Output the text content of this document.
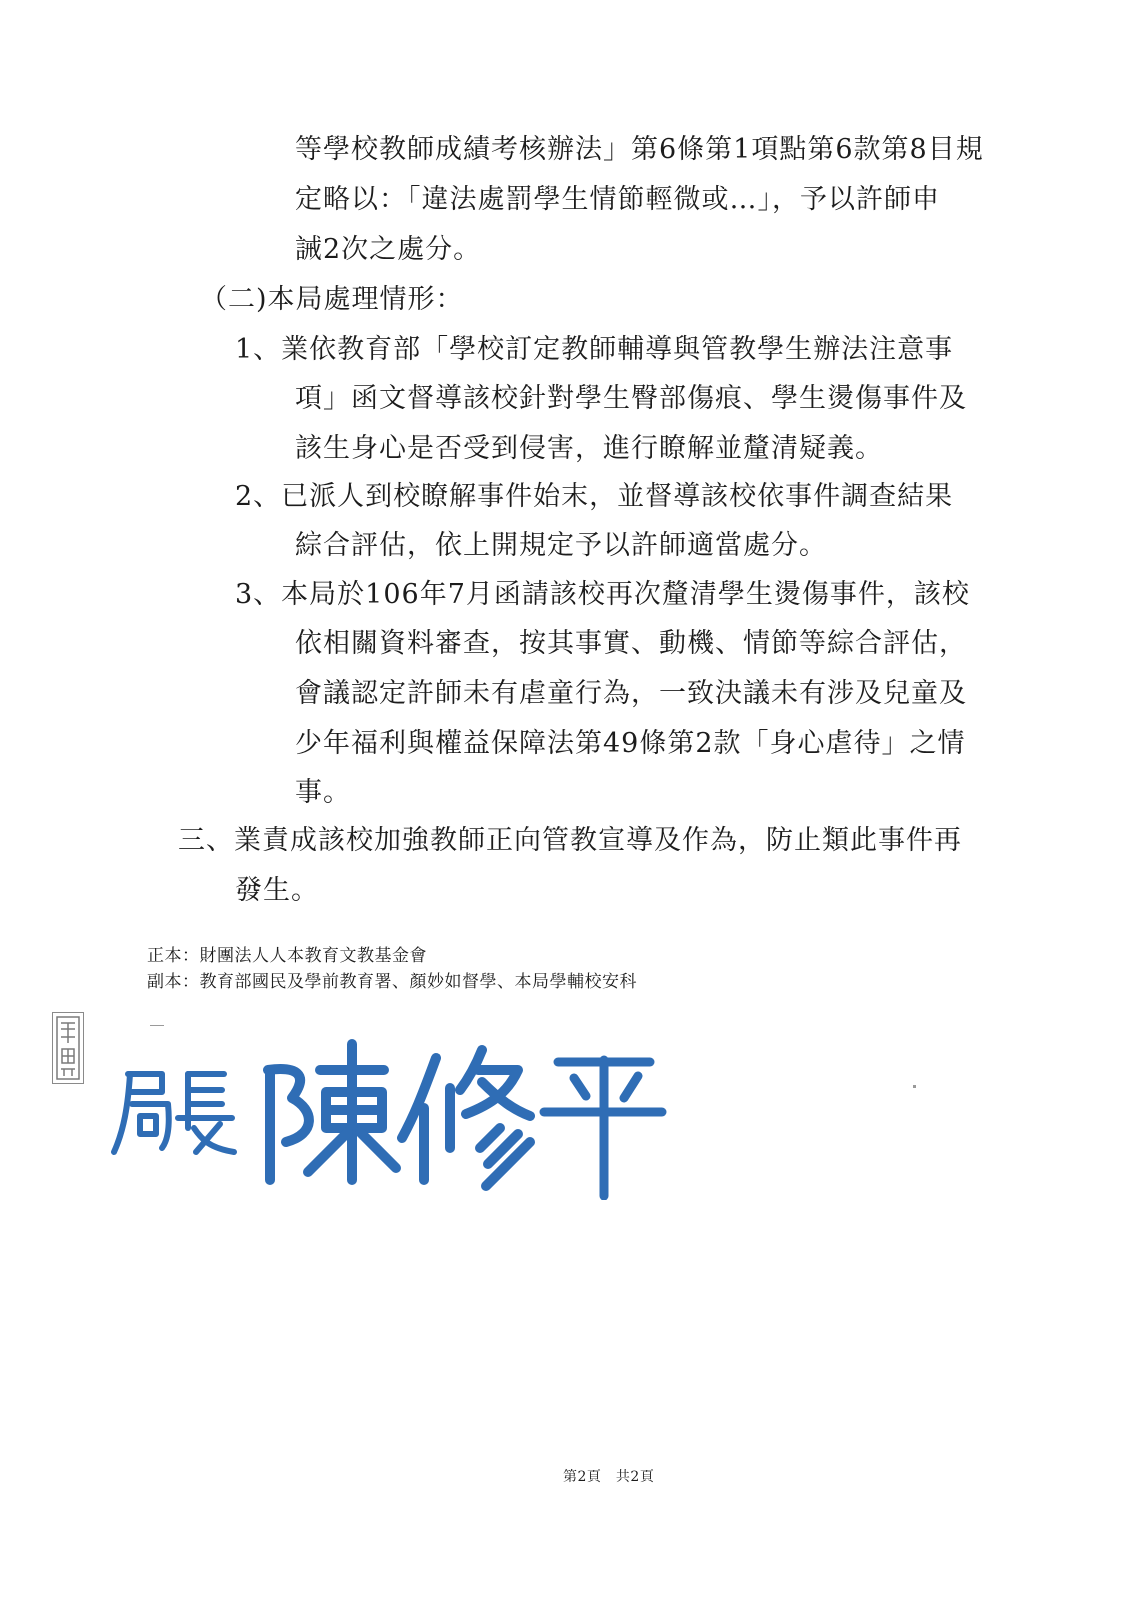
等學校教師成績考核辦法」第6條第1項點第6款第8目規
定略以：「違法處罰學生情節輕微或…」，予以許師申
誡2次之處分。
（二)本局處理情形：
1、業依教育部「學校訂定教師輔導與管教學生辦法注意事
項」函文督導該校針對學生臀部傷痕、學生燙傷事件及
該生身心是否受到侵害，進行瞭解並釐清疑義。
2、已派人到校瞭解事件始末，並督導該校依事件調查結果
綜合評估，依上開規定予以許師適當處分。
3、本局於106年7月函請該校再次釐清學生燙傷事件，該校
依相關資料審查，按其事實、動機、情節等綜合評估，
會議認定許師未有虐童行為，一致決議未有涉及兒童及
少年福利與權益保障法第49條第2款「身心虐待」之情
事。
三、業責成該校加強教師正向管教宣導及作為，防止類此事件再
發生。
正本：財團法人人本教育文教基金會
副本：教育部國民及學前教育署、顏妙如督學、本局學輔校安科
第2頁　共2頁
